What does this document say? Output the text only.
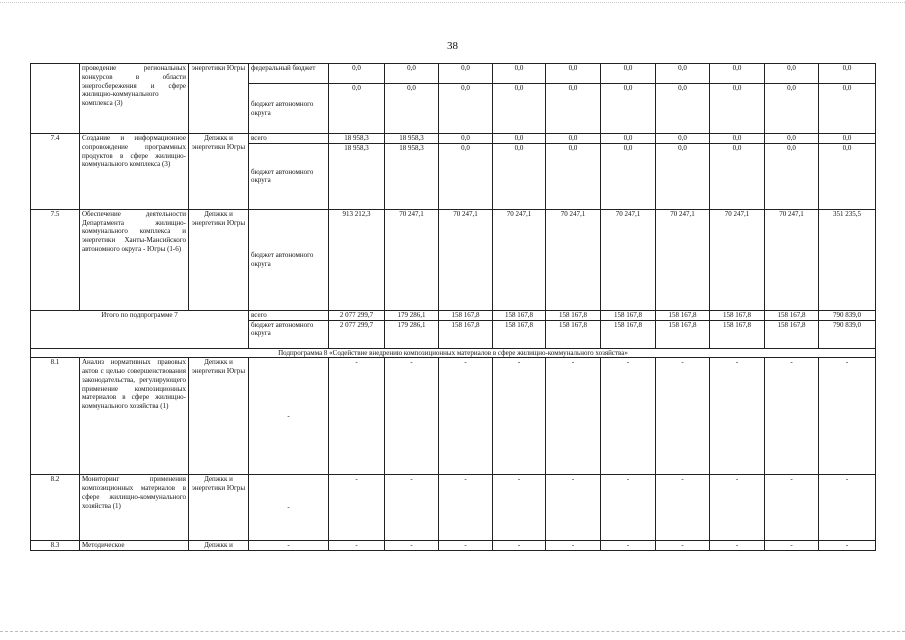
38
	проведение региональных конкурсов в области энергосбережения и сфере жилищно-коммунального комплекса (3)	энергетики Югры	федеральный бюджет	0,0	0,0	0,0	0,0	0,0	0,0	0,0	0,0	0,0	0,0
			бюджет автономного округа	0,0	0,0	0,0	0,0	0,0	0,0	0,0	0,0	0,0	0,0
7.4	Создание и информационное сопровождение программных продуктов в сфере жилищно-коммунального комплекса (3)	Депжкк и энергетики Югры	всего	18 958,3	18 958,3	0,0	0,0	0,0	0,0	0,0	0,0	0,0	0,0
			бюджет автономного округа	18 958,3	18 958,3	0,0	0,0	0,0	0,0	0,0	0,0	0,0	0,0
7.5	Обеспечение деятельности Департамента жилищно-коммунального комплекса и энергетики Ханты-Мансийского автономного округа - Югры (1-6)	Депжкк и энергетики Югры	бюджет автономного округа	913 212,3	70 247,1	70 247,1	70 247,1	70 247,1	70 247,1	70 247,1	70 247,1	70 247,1	351 235,5
Итого по подпрограмме 7			всего	2 077 299,7	179 286,1	158 167,8	158 167,8	158 167,8	158 167,8	158 167,8	158 167,8	158 167,8	790 839,0
			бюджет автономного округа	2 077 299,7	179 286,1	158 167,8	158 167,8	158 167,8	158 167,8	158 167,8	158 167,8	158 167,8	790 839,0
Подпрограмма 8 «Содействие внедрению композиционных материалов в сфере жилищно-коммунального хозяйства»													
8.1	Анализ нормативных правовых актов с целью совершенствования законодательства, регулирующего применение композиционных материалов в сфере жилищно-коммунального хозяйства (1)	Депжкк и энергетики Югры	-	-	-	-	-	-	-	-	-	-	-
8.2	Мониторинг применения композиционных материалов в сфере жилищно-коммунального хозяйства (1)	Депжкк и энергетики Югры	-	-	-	-	-	-	-	-	-	-	-
8.3	Методическое	Депжкк и	-	-	-	-	-	-	-	-	-	-	-
